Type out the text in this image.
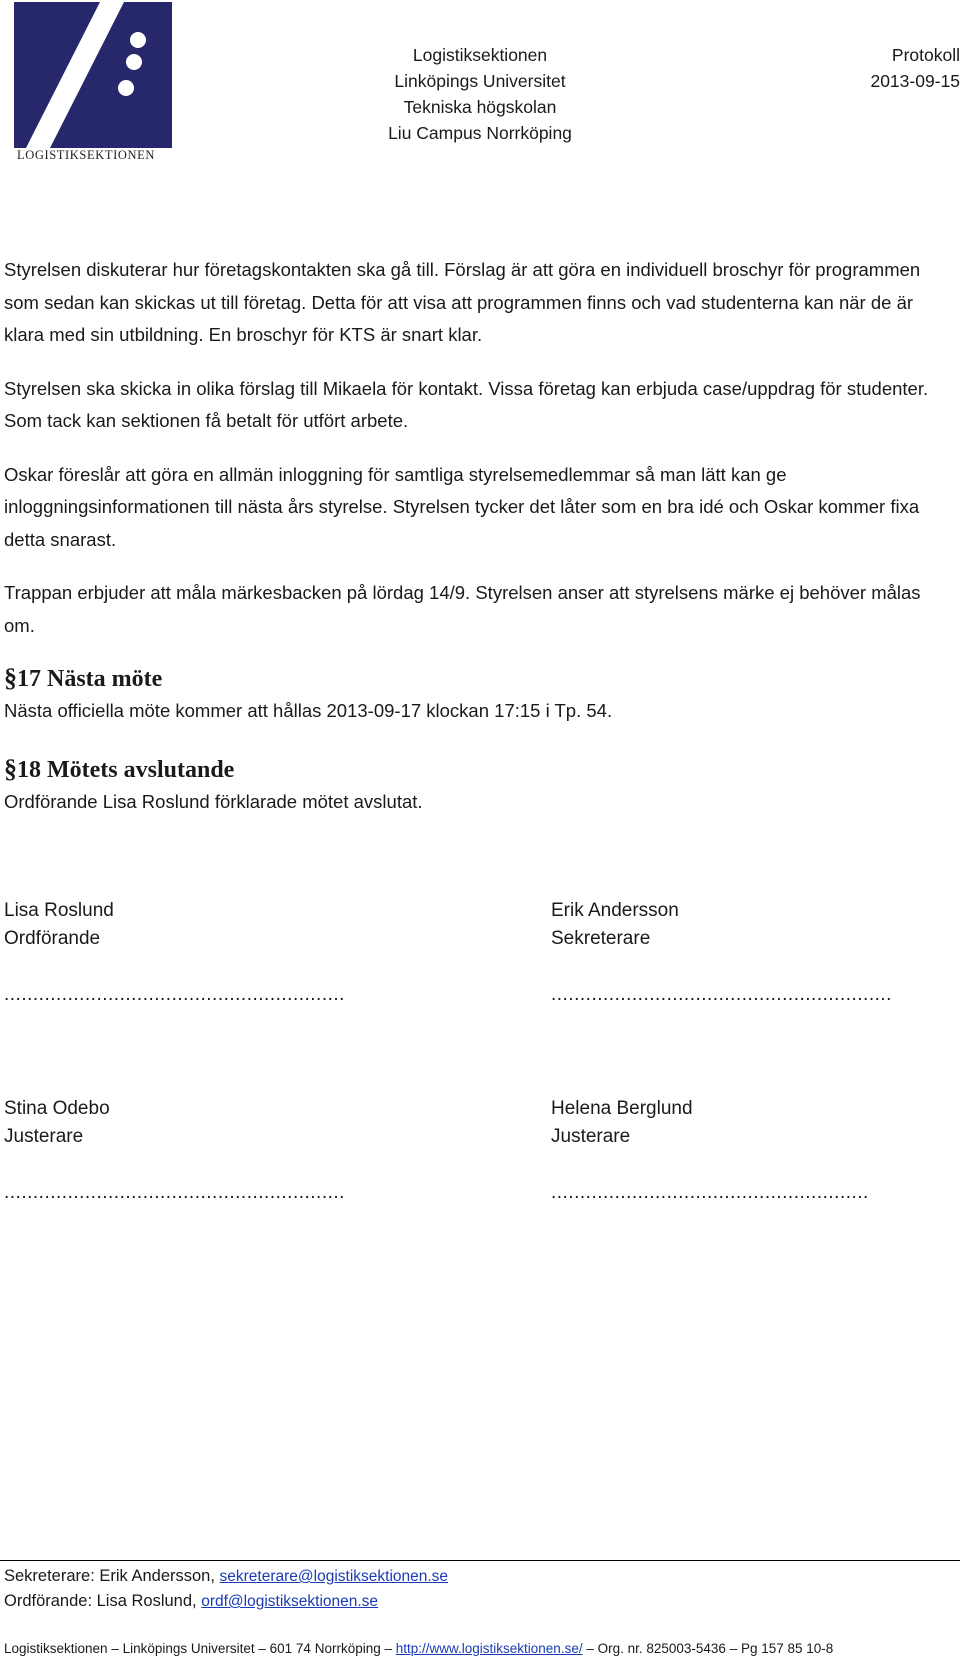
LOGISTIKSEKTIONEN
Logistiksektionen
Linköpings Universitet
Tekniska högskolan
Liu Campus Norrköping
Protokoll
2013-09-15

Styrelsen diskuterar hur företagskontakten ska gå till. Förslag är att göra en individuell broschyr för programmen som sedan kan skickas ut till företag. Detta för att visa att programmen finns och vad studenterna kan när de är klara med sin utbildning. En broschyr för KTS är snart klar.

Styrelsen ska skicka in olika förslag till Mikaela för kontakt. Vissa företag kan erbjuda case/uppdrag för studenter. Som tack kan sektionen få betalt för utfört arbete.

Oskar föreslår att göra en allmän inloggning för samtliga styrelsemedlemmar så man lätt kan ge inloggningsinformationen till nästa års styrelse. Styrelsen tycker det låter som en bra idé och Oskar kommer fixa detta snarast.

Trappan erbjuder att måla märkesbacken på lördag 14/9. Styrelsen anser att styrelsens märke ej behöver målas om.

§17 Nästa möte

Nästa officiella möte kommer att hållas 2013-09-17 klockan 17:15 i Tp. 54.

§18 Mötets avslutande

Ordförande Lisa Roslund förklarade mötet avslutat.

Lisa Roslund
Ordförande
...........................................................
Erik Andersson
Sekreterare
...........................................................
Stina Odebo
Justerare
...........................................................
Helena Berglund
Justerare
.......................................................
Sekreterare: Erik Andersson, sekreterare@logistiksektionen.se
Ordförande: Lisa Roslund, ordf@logistiksektionen.se
Logistiksektionen – Linköpings Universitet – 601 74 Norrköping – http://www.logistiksektionen.se/ – Org. nr. 825003-5436 – Pg 157 85 10-8
